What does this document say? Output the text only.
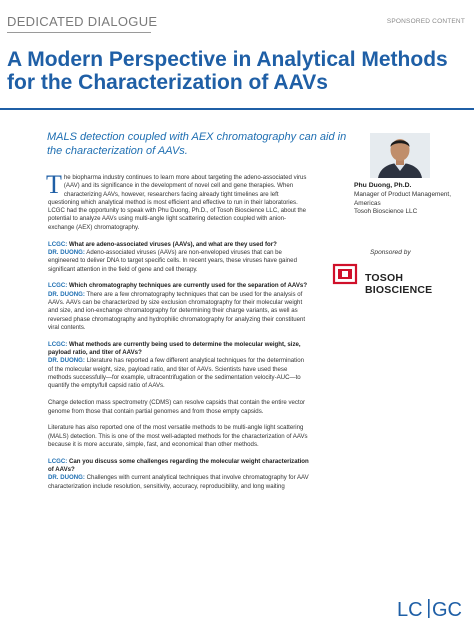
DEDICATED DIALOGUE	SPONSORED CONTENT
A Modern Perspective in Analytical Methods for the Characterization of AAVs

MALS detection coupled with AEX chromatography can aid in the characterization of AAVs.

The biopharma industry continues to learn more about targeting the adeno-associated virus (AAV) and its significance in the development of novel cell and gene therapies. When characterizing AAVs, however, researchers facing already tight timelines are left questioning which analytical method is most efficient and effective to run in their laboratories. LCGC had the opportunity to speak with Phu Duong, Ph.D., of Tosoh Bioscience LLC, about the potential to analyze AAVs using multi-angle light scattering detection coupled with anion-exchange (AEX) chromatography.

LCGC: What are adeno-associated viruses (AAVs), and what are they used for?
DR. DUONG: Adeno-associated viruses (AAVs) are non-enveloped viruses that can be engineered to deliver DNA to target specific cells. In recent years, these viruses have gained significant attention in the field of gene and cell therapy.
LCGC: Which chromatography techniques are currently used for the separation of AAVs?
DR. DUONG: There are a few chromatography techniques that can be used for the analysis of AAVs. AAVs can be characterized by size exclusion chromatography for their molecular weight and size, and ion-exchange chromatography for determining their charge variants, as well as reversed phase chromatography and hydrophilic chromatography for analyzing their constituent viral contents.
LCGC: What methods are currently being used to determine the molecular weight, size, payload ratio, and titer of AAVs?
DR. DUONG: Literature has reported a few different analytical techniques for the determination of the molecular weight, size, payload ratio, and titer of AAVs. Scientists have used these methods successfully—for example, ultracentrifugation or the sedimentation velocity-AUC—to quantify the empty/full capsid ratio of AAVs.

Charge detection mass spectrometry (CDMS) can resolve capsids that contain the entire vector genome from those that contain partial genomes and from those empty capsids.

Literature has also reported one of the most versatile methods to be multi-angle light scattering (MALS) detection. This is one of the most well-adapted methods for the characterization of AAVs because it is more accurate, simple, fast, and economical than other methods.

LCGC: Can you discuss some challenges regarding the molecular weight characterization of AAVs?
DR. DUONG: Challenges with current analytical techniques that involve chromatography for AAV characterization include resolution, sensitivity, accuracy, reproducibility, and long waiting
Phu Duong, Ph.D.
Manager of Product Management,
Americas
Tosoh Bioscience LLC
Sponsored by
TOSOH BIOSCIENCE
LC GC
